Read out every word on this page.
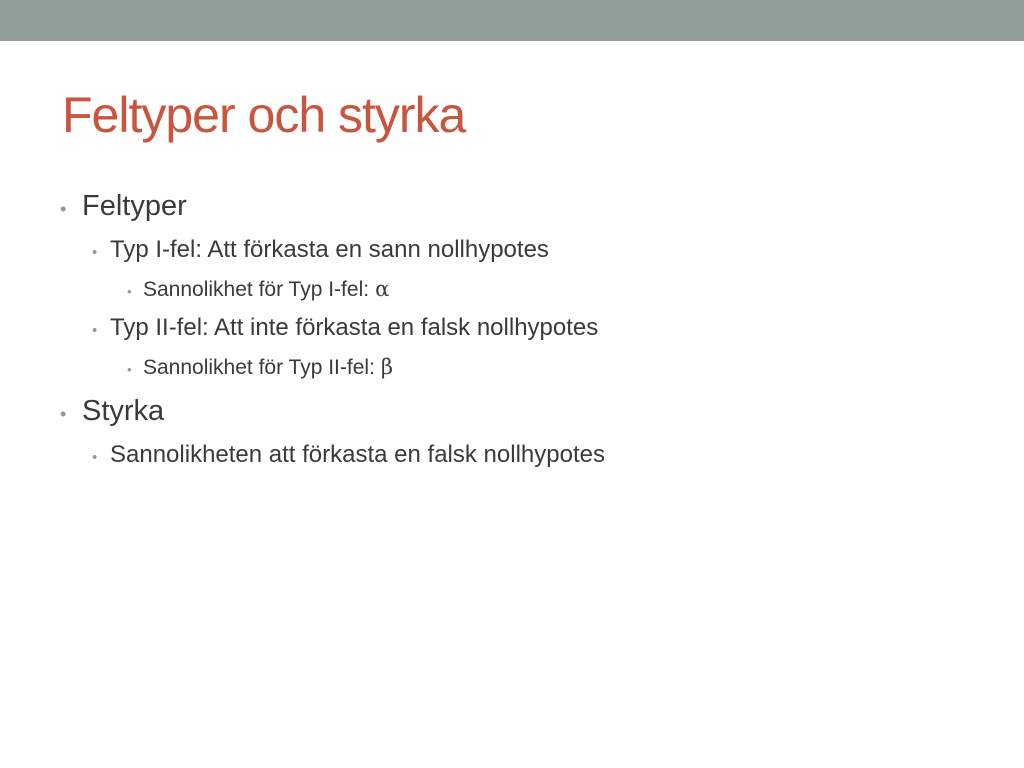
Feltyper och styrka
• Feltyper
• Typ I-fel: Att förkasta en sann nollhypotes
• Sannolikhet för Typ I-fel: α
• Typ II-fel: Att inte förkasta en falsk nollhypotes
• Sannolikhet för Typ II-fel: β
• Styrka
• Sannolikheten att förkasta en falsk nollhypotes
